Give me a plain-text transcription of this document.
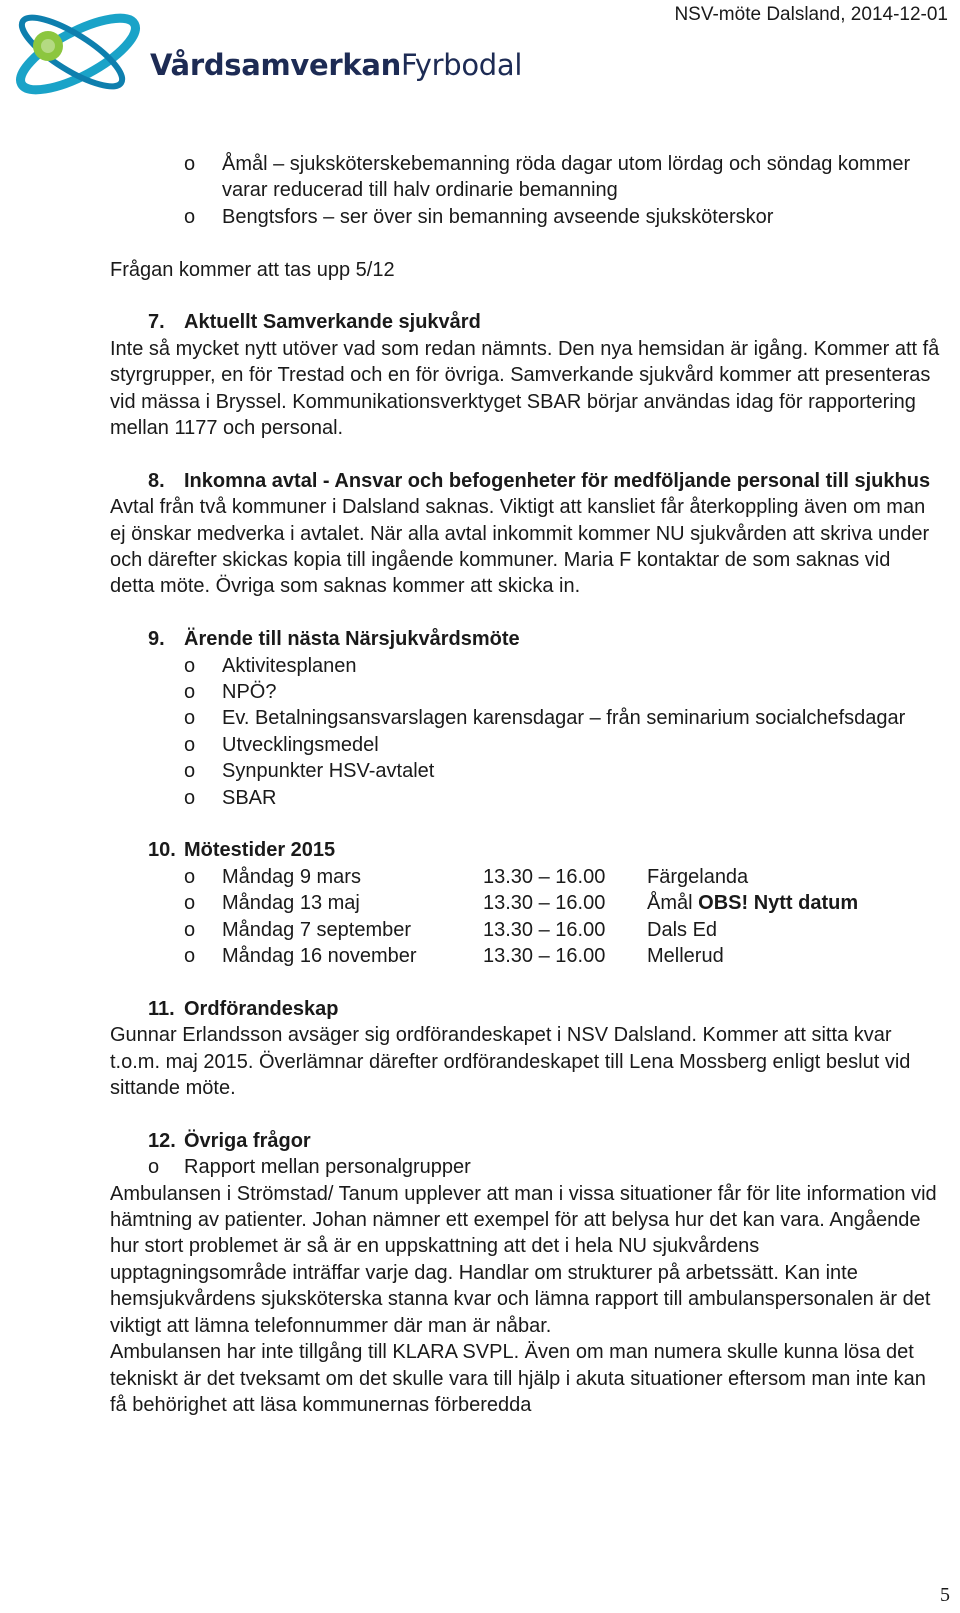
VårdsamverkanFyrbodal
NSV-möte Dalsland, 2014-12-01

o Åmål – sjuksköterskebemanning röda dagar utom lördag och söndag kommer varar reducerad till halv ordinarie bemanning

o Bengtsfors – ser över sin bemanning avseende sjuksköterskor

Frågan kommer att tas upp 5/12

7. Aktuellt Samverkande sjukvård

Inte så mycket nytt utöver vad som redan nämnts. Den nya hemsidan är igång. Kommer att få styrgrupper, en för Trestad och en för övriga. Samverkande sjukvård kommer att presenteras vid mässa i Bryssel. Kommunikationsverktyget SBAR börjar användas idag för rapportering mellan 1177 och personal.

8. Inkomna avtal - Ansvar och befogenheter för medföljande personal till sjukhus

Avtal från två kommuner i Dalsland saknas. Viktigt att kansliet får återkoppling även om man ej önskar medverka i avtalet. När alla avtal inkommit kommer NU sjukvården att skriva under och därefter skickas kopia till ingående kommuner. Maria F kontaktar de som saknas vid detta möte. Övriga som saknas kommer att skicka in.

9. Ärende till nästa Närsjukvårdsmöte

o Aktivitesplanen

o NPÖ?

o Ev. Betalningsansvarslagen karensdagar – från seminarium socialchefsdagar

o Utvecklingsmedel

o Synpunkter HSV-avtalet

o SBAR

10. Mötestider 2015

o Måndag 9 mars	13.30 – 16.00 Färgelanda
o Måndag 13 maj	13.30 – 16.00 Åmål OBS! Nytt datum
o Måndag 7 september	13.30 – 16.00 Dals Ed
o Måndag 16 november	13.30 – 16.00 Mellerud

11. Ordförandeskap

Gunnar Erlandsson avsäger sig ordförandeskapet i NSV Dalsland. Kommer att sitta kvar t.o.m. maj 2015. Överlämnar därefter ordförandeskapet till Lena Mossberg enligt beslut vid sittande möte.

12. Övriga frågor

o Rapport mellan personalgrupper

Ambulansen i Strömstad/ Tanum upplever att man i vissa situationer får för lite information vid hämtning av patienter. Johan nämner ett exempel för att belysa hur det kan vara. Angående hur stort problemet är så är en uppskattning att det i hela NU sjukvårdens upptagningsområde inträffar varje dag. Handlar om strukturer på arbetssätt. Kan inte hemsjukvårdens sjuksköterska stanna kvar och lämna rapport till ambulanspersonalen är det viktigt att lämna telefonnummer där man är nåbar.

Ambulansen har inte tillgång till KLARA SVPL. Även om man numera skulle kunna lösa det tekniskt är det tveksamt om det skulle vara till hjälp i akuta situationer eftersom man inte kan få behörighet att läsa kommunernas förberedda

5
